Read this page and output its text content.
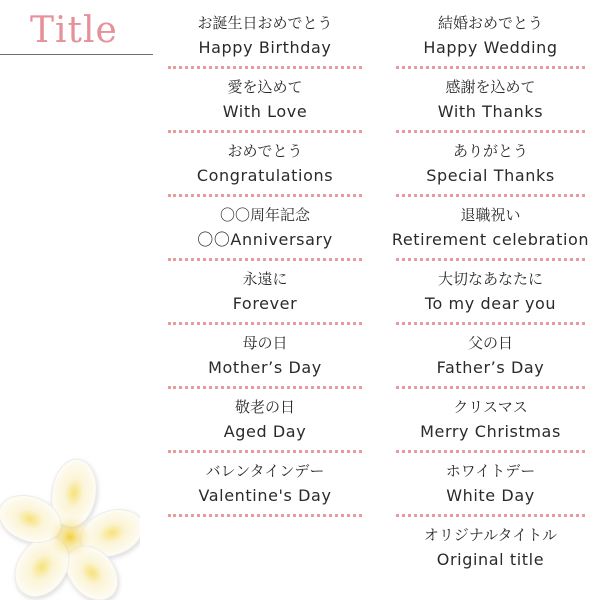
Title	お誕生日おめでとう
Happy Birthday
愛を込めて
With Love
おめでとう
Congratulations
〇〇周年記念
〇〇Anniversary
永遠に
Forever
母の日
Mother’s Day
敬老の日
Aged Day
バレンタインデー
Valentine's Day
結婚おめでとう
Happy Wedding
感謝を込めて
With Thanks
ありがとう
Special Thanks
退職祝い
Retirement celebration
大切なあなたに
To my dear you
父の日
Father’s Day
クリスマス
Merry Christmas
ホワイトデー
White Day
オリジナルタイトル
Original title
